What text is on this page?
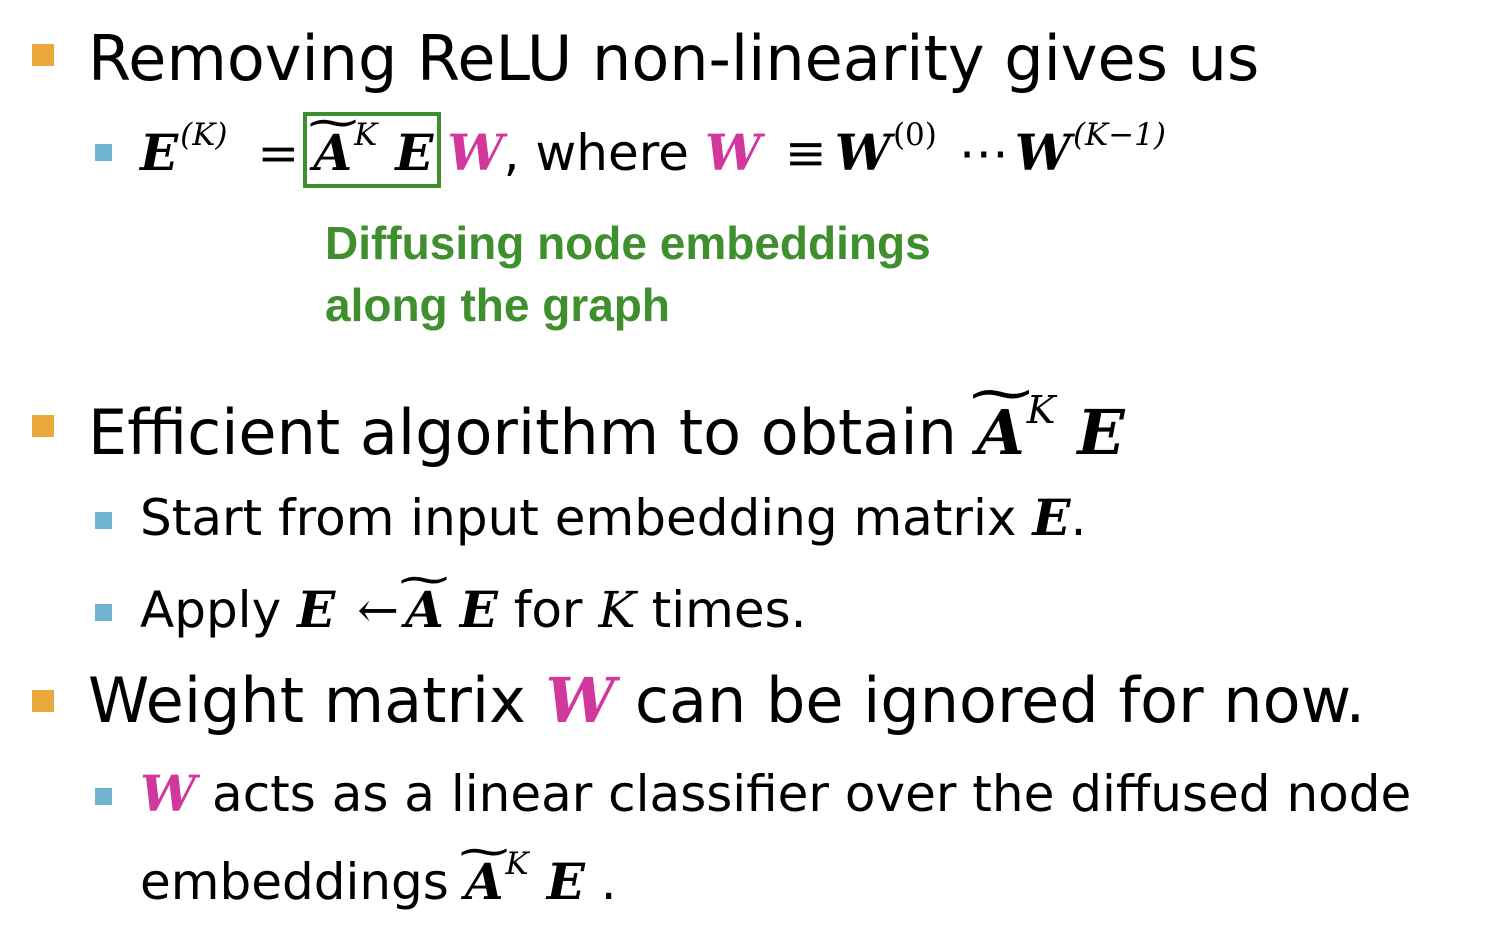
Removing ReLU non-linearity gives us
$E^{(K)}$ = ~ $A^K$ E W, where $W \equiv W^{(0)}$ ⋯ $W^{(K-1)}$
Diffusing node embeddings
along the graph
Efficient algorithm to obtain ~ $A^K$ E
Start from input embedding matrix E.
Apply E ← ~ A E for K times.
Weight matrix W can be ignored for now.
W acts as a linear classifier over the diffused node
embeddings ~ $A^K$ E .
